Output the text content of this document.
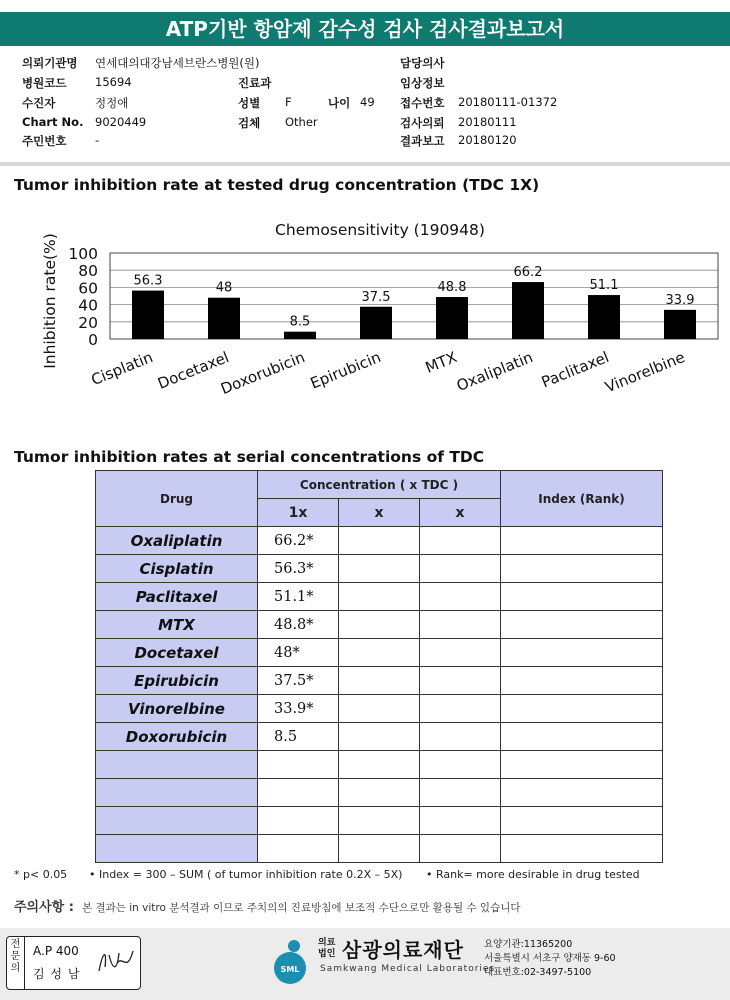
ATP기반 항암제 감수성 검사 검사결과보고서
의뢰기관명 연세대의대강남세브란스병원(원)	담당의사
병원코드 15694	진료과	임상정보
수진자	정정애	성별 F	나이 49 접수번호 20180111-01372
Chart No. 9020449	검체 Other	검사의뢰 20180111
주민번호 -	결과보고 20180120
Tumor inhibition rate at tested drug concentration (TDC 1X)
Chemosensitivity (190948)
0
20
40
60
80
100
Inhibition rate(%)	56.3
Cisplatin
48
Docetaxel
8.5
Doxorubicin
37.5
Epirubicin
48.8
MTX
66.2
Oxaliplatin
51.1
Paclitaxel
33.9
Vinorelbine
Tumor inhibition rates at serial concentrations of TDC
Drug	Concentration ( x TDC )			Index (Rank)
	1x	x	x	
Oxaliplatin	66.2*			
Cisplatin	56.3*			
Paclitaxel	51.1*			
MTX	48.8*			
Docetaxel	48*			
Epirubicin	37.5*			
Vinorelbine	33.9*			
Doxorubicin	8.5			

* p< 0.05 • Index = 300 – SUM ( of tumor inhibition rate 0.2X – 5X) • Rank= more desirable in drug tested
주의사항 : 본 결과는 in vitro 분석결과 이므로 주치의의 진료방침에 보조적 수단으로만 활용될 수 있습니다
전문의
A.P 400
김 성 남	SML
의료
법인 삼광의료재단
Samkwang Medical Laboratories
요양기관:11365200
서울특별시 서초구 양재동 9-60
대표번호:02-3497-5100
